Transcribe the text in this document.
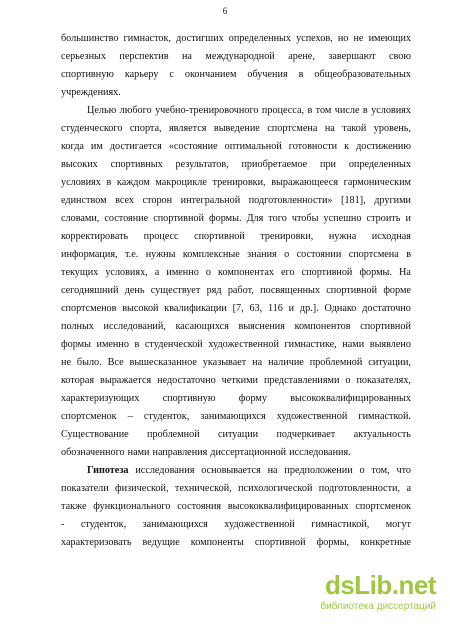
6
большинство гимнасток, достигших определенных успехов, но не имеющих
серьезных перспектив на международной арене, завершают свою
спортивную карьеру с окончанием обучения в общеобразовательных
учреждениях.
Целью любого учебно-тренировочного процесса, в том числе в условиях
студенческого спорта, является выведение спортсмена на такой уровень,
когда им достигается «состояние оптимальной готовности к достижению
высоких спортивных результатов, приобретаемое при определенных
условиях в каждом макроцикле тренировки, выражающееся гармоническим
единством всех сторон интегральной подготовленности» [181], другими
словами, состояние спортивной формы. Для того чтобы успешно строить и
корректировать процесс спортивной тренировки, нужна исходная
информация, т.е. нужны комплексные знания о состоянии спортсмена в
текущих условиях, а именно о компонентах его спортивной формы. На
сегодняшний день существует ряд работ, посвященных спортивной форме
спортсменов высокой квалификации [7, 63, 116 и др.]. Однако достаточно
полных исследований, касающихся выяснения компонентов спортивной
формы именно в студенческой художественной гимнастике, нами выявлено
не было. Все вышесказанное указывает на наличие проблемной ситуации,
которая выражается недостаточно четкими представлениями о показателях,
характеризующих спортивную форму высококвалифицированных
спортсменок – студенток, занимающихся художественной гимнасткой.
Существование проблемной ситуации подчеркивает актуальность
обозначенного нами направления диссертационной исследования.
Гипотеза исследования основывается на предположении о том, что
показатели физической, технической, психологической подготовленности, а
также функционального состояния высококвалифицированных спортсменок
- студенток, занимающихся художественной гимнастикой, могут
характеризовать ведущие компоненты спортивной формы, конкретные
dsLib.net
библиотека диссертаций
